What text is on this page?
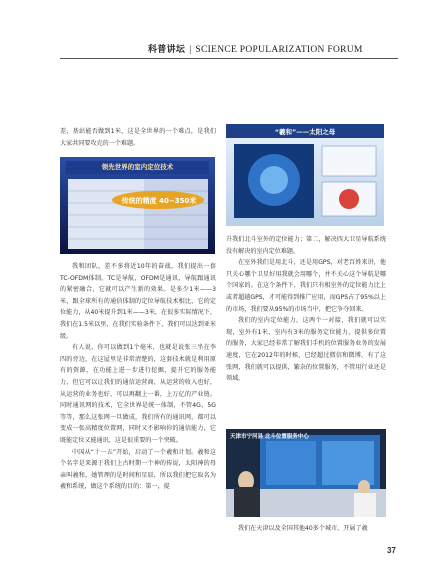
科普讲坛 | SCIENCE POPULARIZATION FORUM

差，基站能否做到1米，这是全世界的一个难点，是我们大家共同要攻克的一个难题。

领先世界的室内定位技术
传统的精度 40~350米

我和团队，差不多将近10年的奋战，我们提出一套TC-OFDM体制。TC是导航，OFDM是通讯，导航跟通讯的紧密融合，它就可以产生新的效果。是多少1米——3米，跟全球所有的通信体制的定位导航技术相比，它的定位能力，从40米提升到1米——3米，在很多实际情况下，我们在1.5米以里，在我们实验条件下，我们可以达到亚米级。

有人说，你可以做到1个毫米，也就是说张三坐在李四的旁边，在这屋里是非常清楚的，这套技术就是利用原有的资源，在功能上进一步进行挖掘，提升它的服务能力，但它可以让我们的通信运营商，从运营的收入也好，从运营的业务也好，可以再翻上一番，上万亿的产业链。同时通讯网的技术，它全世界是统一体制，不管4G、5G等等，那么这张网一旦做成，我们所有的通讯网，都可以变成一张高精度位置网，同时又不影响你的通信能力，它既能定位又能通讯，这是很重要的一个突破。

中国从“十一五”开始，启动了一个羲和计划。羲和这个名字是来源于我们上古时期一个神的传说，太阳神的母亲叫羲和，她管理的是时间和星辰，所以我们把它取名为羲和系统，做这个系统的目的：第一，提

“羲和”——太阳之母

升我们北斗室外的定位能力；第二，解决四大卫星导航系统没有解决的室内定位难题。

在室外我们是用北斗，还是用GPS，对老百姓来讲，他只关心哪个卫星好用我就会用哪个，并不关心这个导航是哪个国家的。在这个条件下，我们只有相室外的定位能力比上或者超越GPS，才可能得到推广应用，而GPS占了95%以上的市场，我们要从95%的市场当中，把它争夺回来。

我们的室内定位能力，这两个一对接，我们就可以实现，室外有1米，室内有3米的服务定位能力，提供多位置的服务，大家已经非常了解我们手机的位置服务业务的发展速度，它在2012年的时候，已经超过微信和微博，有了这张网，我们就可以提供，繁杂的位置服务，不管用行业还是领域。

天津市宁河县 北斗位置服务中心

我们在天津以及全国其他40多个城市，开展了羲

37
